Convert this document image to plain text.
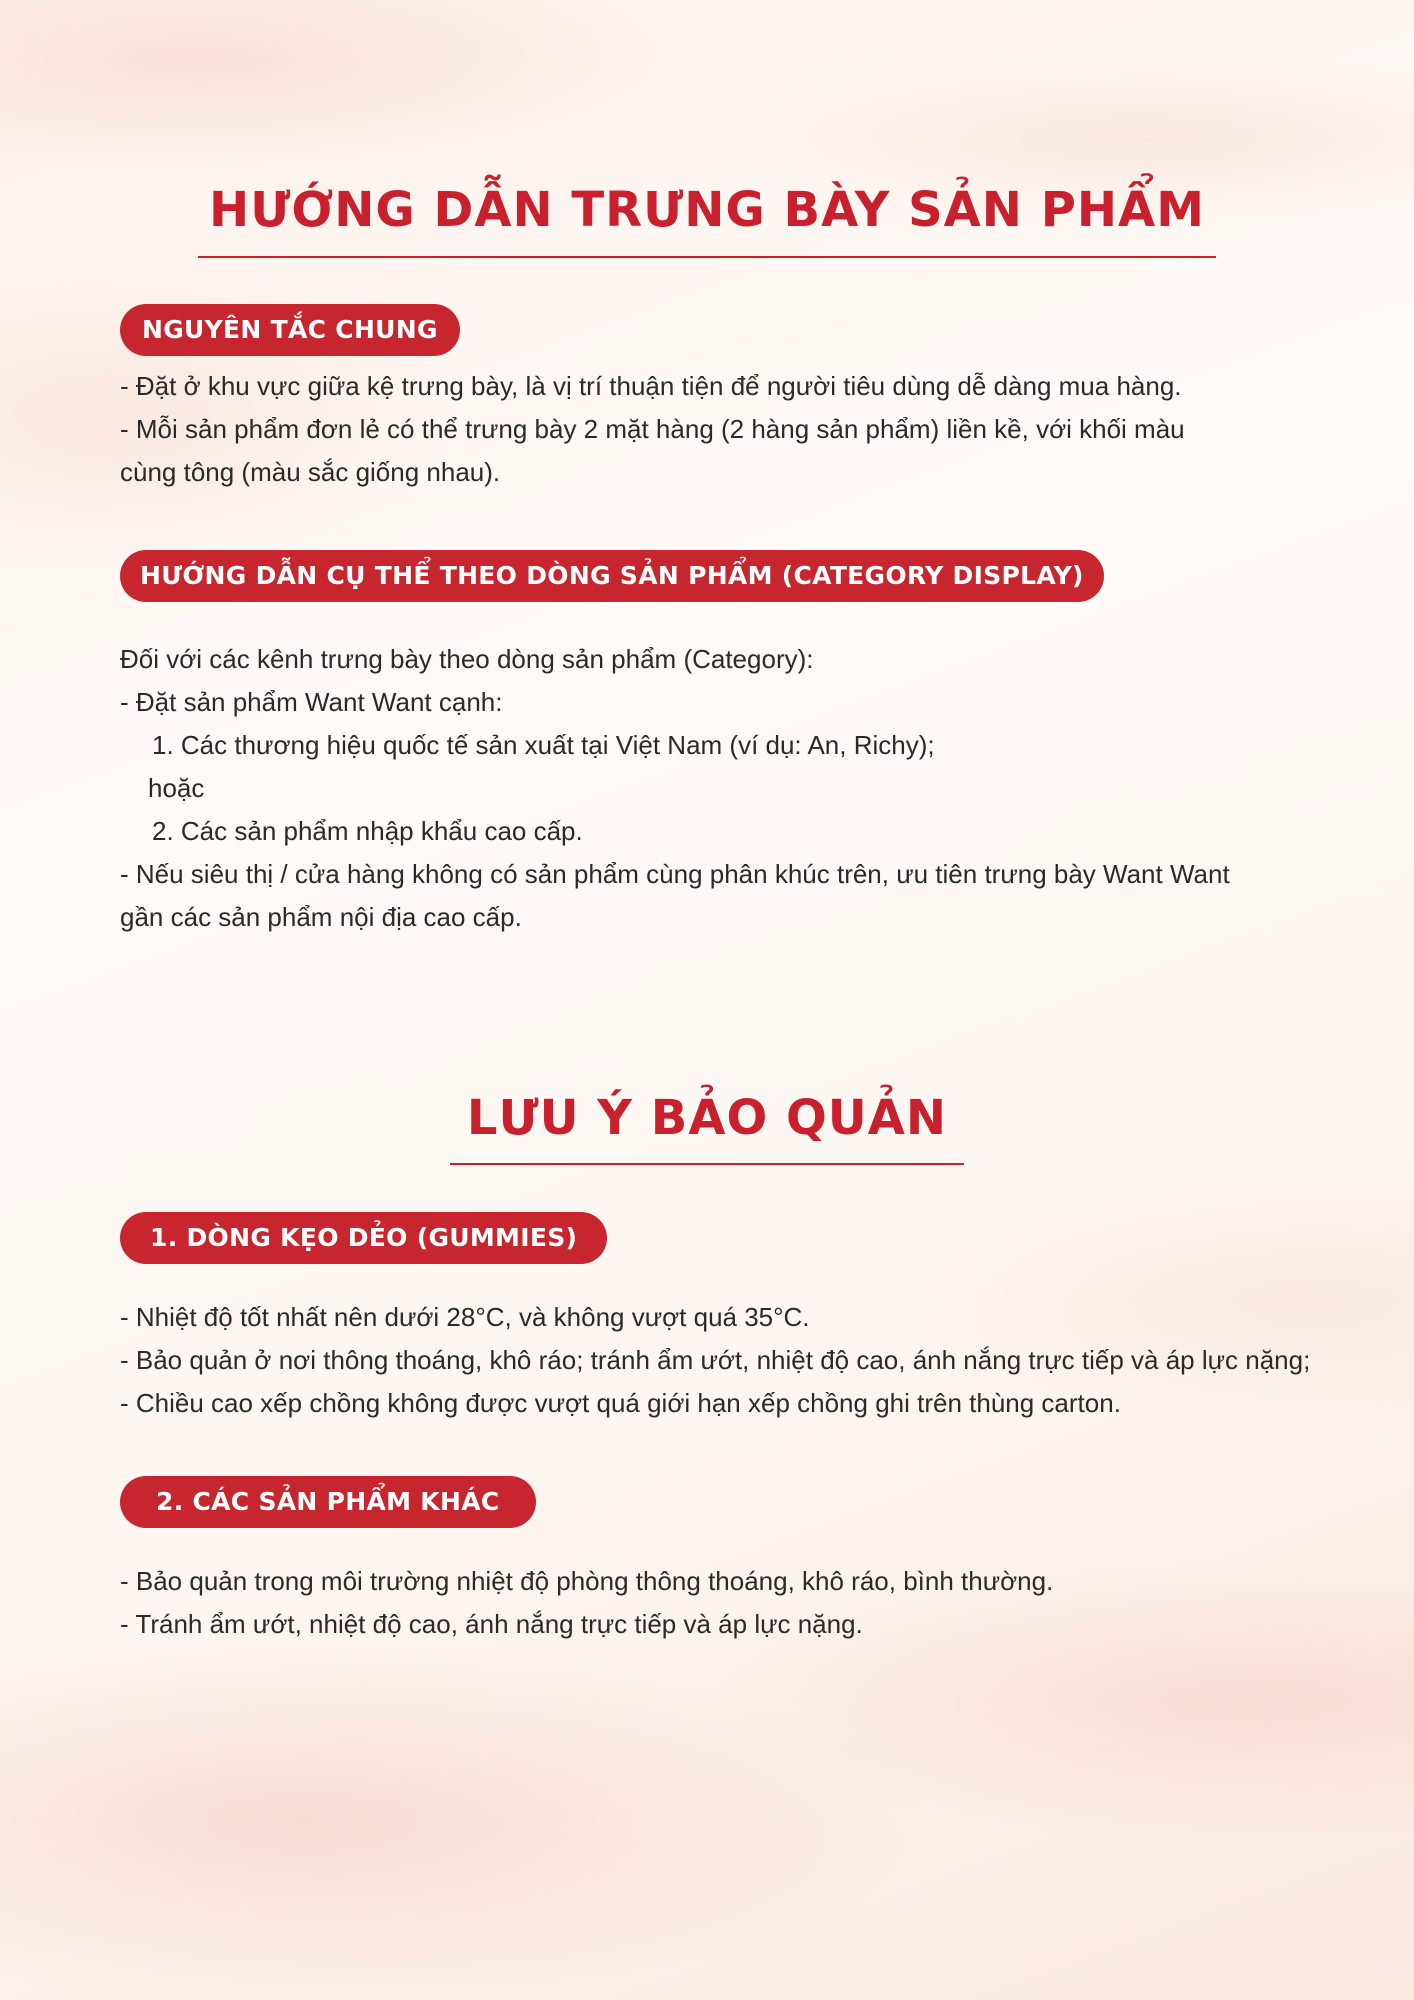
HƯỚNG DẪN TRƯNG BÀY SẢN PHẨM
NGUYÊN TẮC CHUNG

- Đặt ở khu vực giữa kệ trưng bày, là vị trí thuận tiện để người tiêu dùng dễ dàng mua hàng.

- Mỗi sản phẩm đơn lẻ có thể trưng bày 2 mặt hàng (2 hàng sản phẩm) liền kề, với khối màu

cùng tông (màu sắc giống nhau).

HƯỚNG DẪN CỤ THỂ THEO DÒNG SẢN PHẨM (CATEGORY DISPLAY)

Đối với các kênh trưng bày theo dòng sản phẩm (Category):

- Đặt sản phẩm Want Want cạnh:

1. Các thương hiệu quốc tế sản xuất tại Việt Nam (ví dụ: An, Richy);

hoặc

2. Các sản phẩm nhập khẩu cao cấp.

- Nếu siêu thị / cửa hàng không có sản phẩm cùng phân khúc trên, ưu tiên trưng bày Want Want

gần các sản phẩm nội địa cao cấp.

LƯU Ý BẢO QUẢN
1. DÒNG KẸO DẺO (GUMMIES)

- Nhiệt độ tốt nhất nên dưới 28°C, và không vượt quá 35°C.

- Bảo quản ở nơi thông thoáng, khô ráo; tránh ẩm ướt, nhiệt độ cao, ánh nắng trực tiếp và áp lực nặng;

- Chiều cao xếp chồng không được vượt quá giới hạn xếp chồng ghi trên thùng carton.

2. CÁC SẢN PHẨM KHÁC

- Bảo quản trong môi trường nhiệt độ phòng thông thoáng, khô ráo, bình thường.

- Tránh ẩm ướt, nhiệt độ cao, ánh nắng trực tiếp và áp lực nặng.
